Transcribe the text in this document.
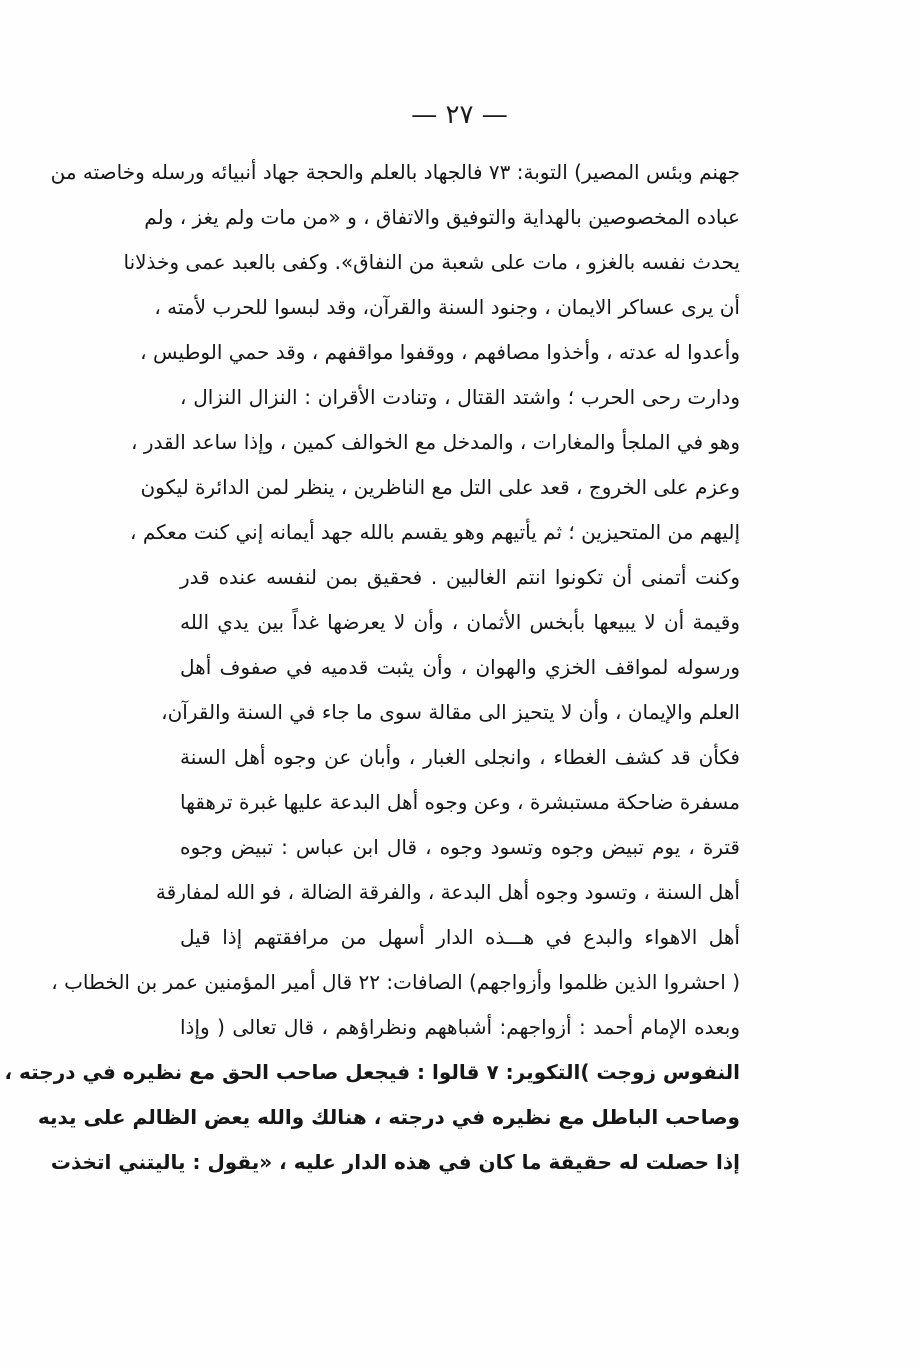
— ٢٧ —
جهنم وبئس المصير) التوبة: ٧٣ فالجهاد بالعلم والحجة جهاد أنبيائه ورسله وخاصته من
عباده المخصوصين بالهداية والتوفيق والاتفاق ، و «من مات ولم يغز ، ولم
يحدث نفسه بالغزو ، مات على شعبة من النفاق». وكفى بالعبد عمى وخذلانا
أن يرى عساكر الايمان ، وجنود السنة والقرآن، وقد لبسوا للحرب لأمته ،
وأعدوا له عدته ، وأخذوا مصافهم ، ووقفوا مواقفهم ، وقد حمي الوطيس ،
ودارت رحى الحرب ؛ واشتد القتال ، وتنادت الأقران : النزال النزال ،
وهو في الملجأ والمغارات ، والمدخل مع الخوالف كمين ، وإذا ساعد القدر ،
وعزم على الخروج ، قعد على التل مع الناظرين ، ينظر لمن الدائرة ليكون
إليهم من المتحيزين ؛ ثم يأتيهم وهو يقسم بالله جهد أيمانه إني كنت معكم ،
وكنت أتمنى أن تكونوا انتم الغالبين . فحقيق بمن لنفسه عنده قدر
وقيمة أن لا يبيعها بأبخس الأثمان ، وأن لا يعرضها غداً بين يدي الله
ورسوله لمواقف الخزي والهوان ، وأن يثبت قدميه في صفوف أهل
العلم والإيمان ، وأن لا يتحيز الى مقالة سوى ما جاء في السنة والقرآن،
فكأن قد كشف الغطاء ، وانجلى الغبار ، وأبان عن وجوه أهل السنة
مسفرة ضاحكة مستبشرة ، وعن وجوه أهل البدعة عليها غبرة ترهقها
قترة ، يوم تبيض وجوه وتسود وجوه ، قال ابن عباس : تبيض وجوه
أهل السنة ، وتسود وجوه أهل البدعة ، والفرقة الضالة ، فو الله لمفارقة
أهل الاهواء والبدع في هـــذه الدار أسهل من مرافقتهم إذا قيل
( احشروا الذين ظلموا وأزواجهم) الصافات: ٢٢ قال أمير المؤمنين عمر بن الخطاب ،
وبعده الإمام أحمد : أزواجهم: أشباههم ونظراؤهم ، قال تعالى ( وإذا
النفوس زوجت )التكوير: ٧ قالوا : فيجعل صاحب الحق مع نظيره في درجته ،
وصاحب الباطل مع نظيره في درجته ، هنالك والله يعض الظالم على يديه
إذا حصلت له حقيقة ما كان في هذه الدار عليه ، «يقول : ياليتني اتخذت
